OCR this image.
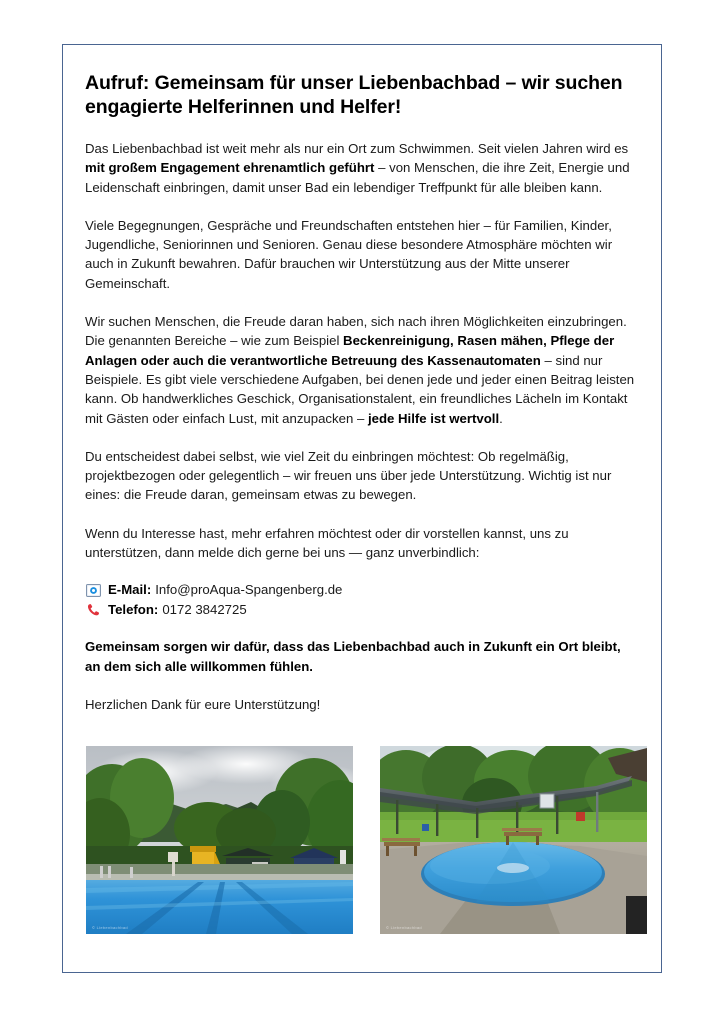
Aufruf: Gemeinsam für unser Liebenbachbad – wir suchen engagierte Helferinnen und Helfer!

Das Liebenbachbad ist weit mehr als nur ein Ort zum Schwimmen. Seit vielen Jahren wird es mit großem Engagement ehrenamtlich geführt – von Menschen, die ihre Zeit, Energie und Leidenschaft einbringen, damit unser Bad ein lebendiger Treffpunkt für alle bleiben kann.

Viele Begegnungen, Gespräche und Freundschaften entstehen hier – für Familien, Kinder, Jugendliche, Seniorinnen und Senioren. Genau diese besondere Atmosphäre möchten wir auch in Zukunft bewahren. Dafür brauchen wir Unterstützung aus der Mitte unserer Gemeinschaft.

Wir suchen Menschen, die Freude daran haben, sich nach ihren Möglichkeiten einzubringen.

Die genannten Bereiche – wie zum Beispiel Beckenreinigung, Rasen mähen, Pflege der Anlagen oder auch die verantwortliche Betreuung des Kassenautomaten – sind nur Beispiele. Es gibt viele verschiedene Aufgaben, bei denen jede und jeder einen Beitrag leisten kann. Ob handwerkliches Geschick, Organisationstalent, ein freundliches Lächeln im Kontakt mit Gästen oder einfach Lust, mit anzupacken – jede Hilfe ist wertvoll.

Du entscheidest dabei selbst, wie viel Zeit du einbringen möchtest: Ob regelmäßig, projektbezogen oder gelegentlich – wir freuen uns über jede Unterstützung. Wichtig ist nur eines: die Freude daran, gemeinsam etwas zu bewegen.

Wenn du Interesse hast, mehr erfahren möchtest oder dir vorstellen kannst, uns zu unterstützen, dann melde dich gerne bei uns — ganz unverbindlich:

E-Mail: Info@proAqua-Spangenberg.de
Telefon: 0172 3842725

Gemeinsam sorgen wir dafür, dass das Liebenbachbad auch in Zukunft ein Ort bleibt, an dem sich alle willkommen fühlen.

Herzlichen Dank für eure Unterstützung!

© Liebenbachbad	© Liebenbachbad
